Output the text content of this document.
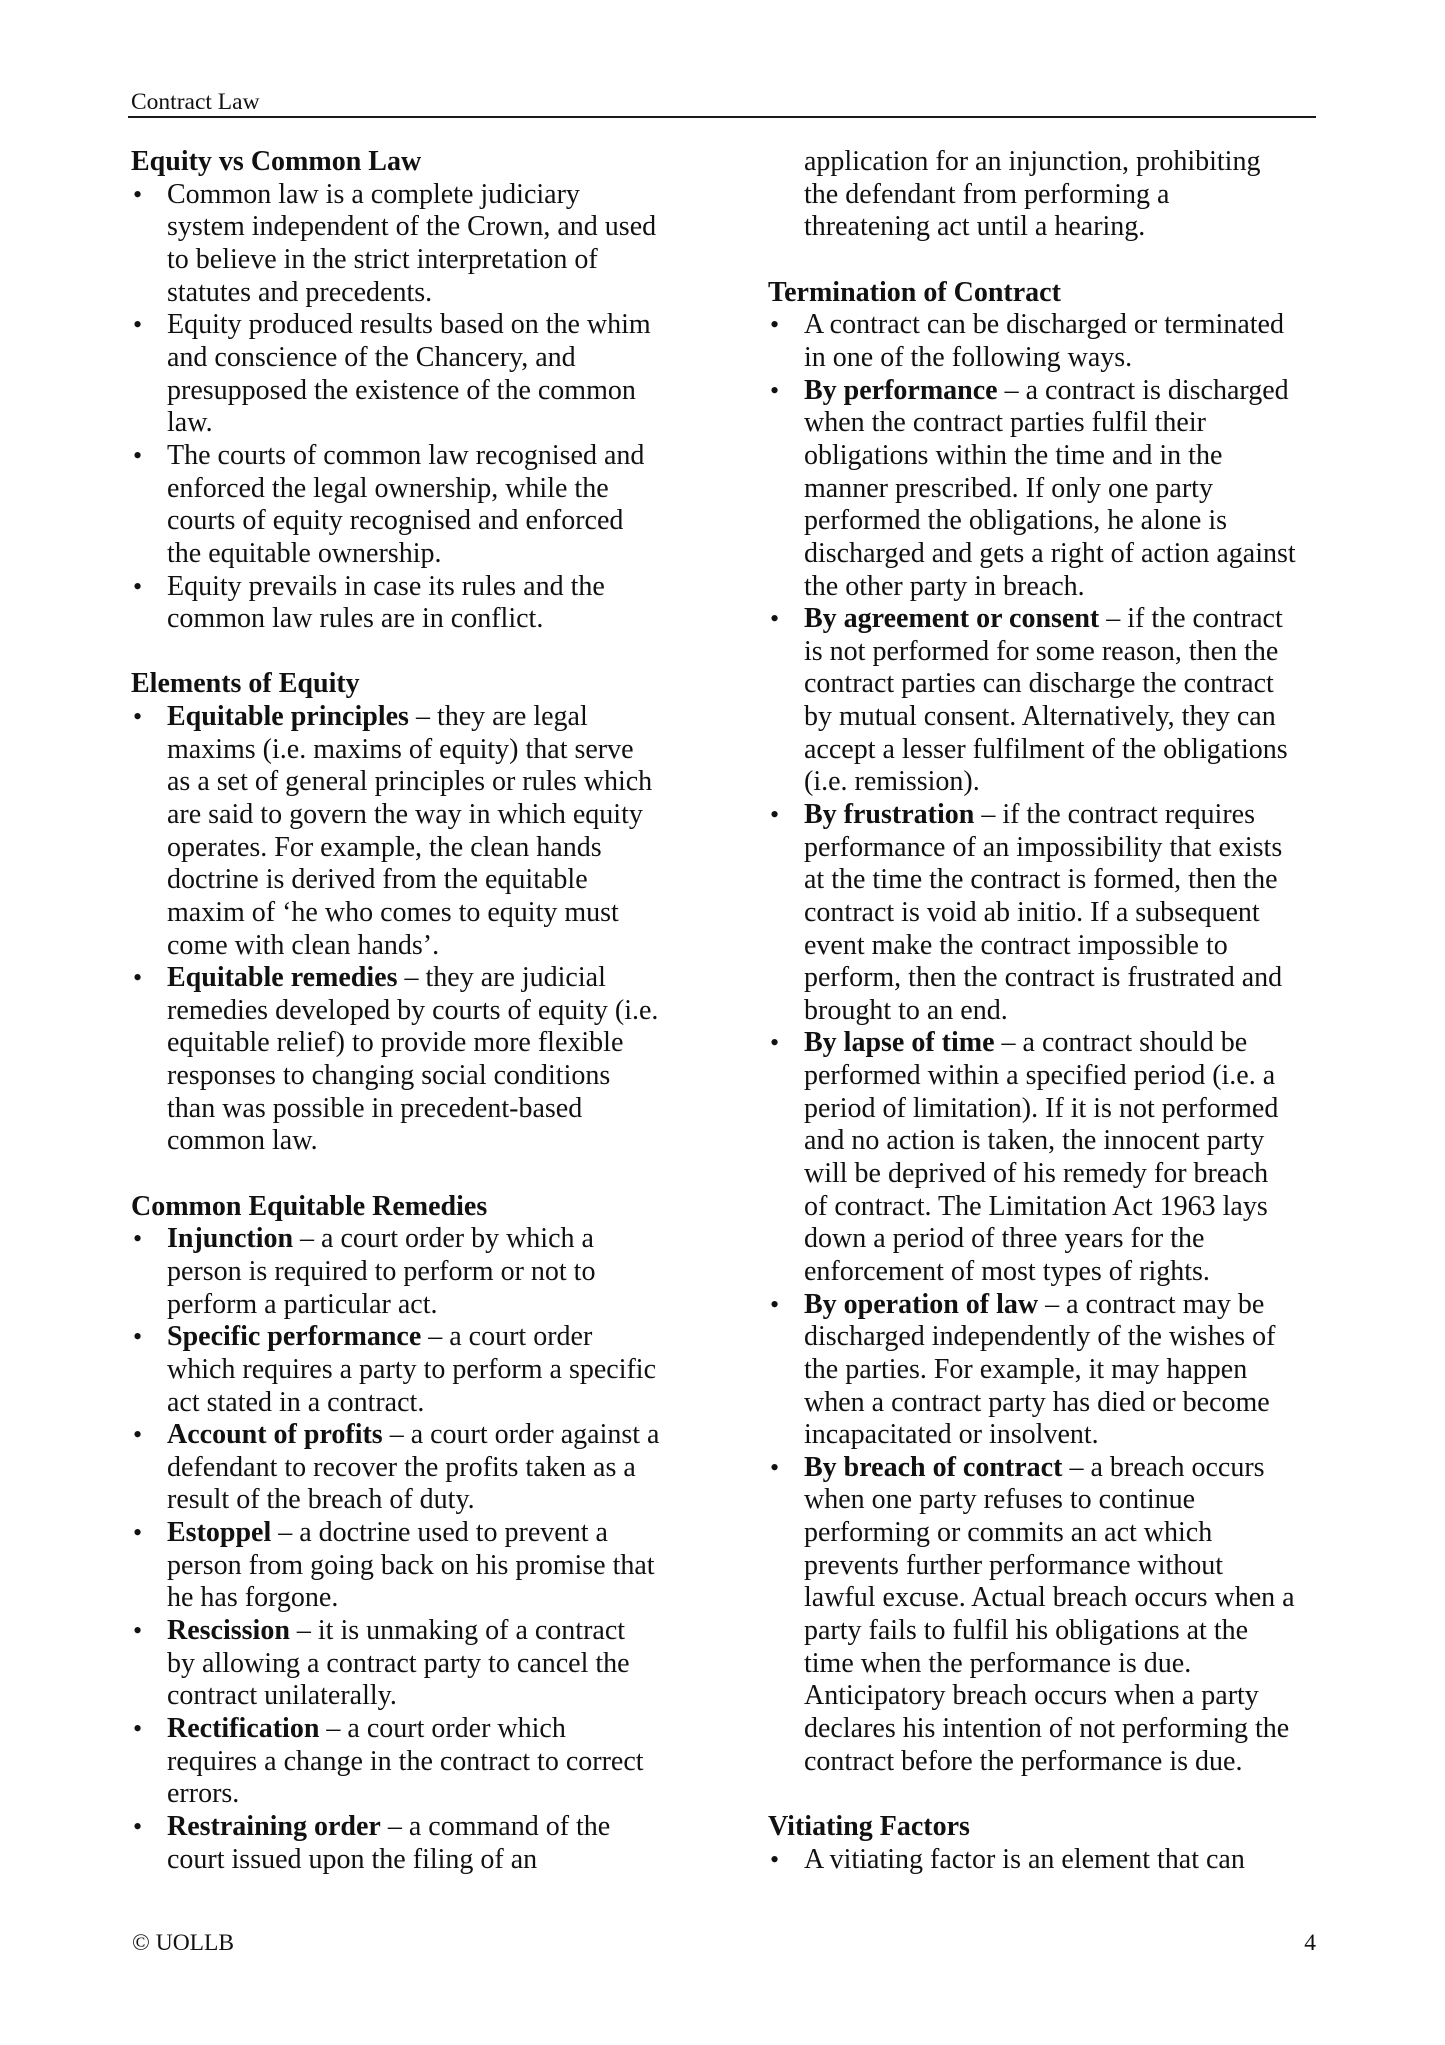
Contract Law
Equity vs Common Law
• Common law is a complete judiciary
system independent of the Crown, and used
to believe in the strict interpretation of
statutes and precedents.
• Equity produced results based on the whim
and conscience of the Chancery, and
presupposed the existence of the common
law.
• The courts of common law recognised and
enforced the legal ownership, while the
courts of equity recognised and enforced
the equitable ownership.
• Equity prevails in case its rules and the
common law rules are in conflict.
Elements of Equity
• Equitable principles – they are legal
maxims (i.e. maxims of equity) that serve
as a set of general principles or rules which
are said to govern the way in which equity
operates. For example, the clean hands
doctrine is derived from the equitable
maxim of ‘he who comes to equity must
come with clean hands’.
• Equitable remedies – they are judicial
remedies developed by courts of equity (i.e.
equitable relief) to provide more flexible
responses to changing social conditions
than was possible in precedent-based
common law.
Common Equitable Remedies
• Injunction – a court order by which a
person is required to perform or not to
perform a particular act.
• Specific performance – a court order
which requires a party to perform a specific
act stated in a contract.
• Account of profits – a court order against a
defendant to recover the profits taken as a
result of the breach of duty.
• Estoppel – a doctrine used to prevent a
person from going back on his promise that
he has forgone.
• Rescission – it is unmaking of a contract
by allowing a contract party to cancel the
contract unilaterally.
• Rectification – a court order which
requires a change in the contract to correct
errors.
• Restraining order – a command of the
court issued upon the filing of an
application for an injunction, prohibiting
the defendant from performing a
threatening act until a hearing.
Termination of Contract
• A contract can be discharged or terminated
in one of the following ways.
• By performance – a contract is discharged
when the contract parties fulfil their
obligations within the time and in the
manner prescribed. If only one party
performed the obligations, he alone is
discharged and gets a right of action against
the other party in breach.
• By agreement or consent – if the contract
is not performed for some reason, then the
contract parties can discharge the contract
by mutual consent. Alternatively, they can
accept a lesser fulfilment of the obligations
(i.e. remission).
• By frustration – if the contract requires
performance of an impossibility that exists
at the time the contract is formed, then the
contract is void ab initio. If a subsequent
event make the contract impossible to
perform, then the contract is frustrated and
brought to an end.
• By lapse of time – a contract should be
performed within a specified period (i.e. a
period of limitation). If it is not performed
and no action is taken, the innocent party
will be deprived of his remedy for breach
of contract. The Limitation Act 1963 lays
down a period of three years for the
enforcement of most types of rights.
• By operation of law – a contract may be
discharged independently of the wishes of
the parties. For example, it may happen
when a contract party has died or become
incapacitated or insolvent.
• By breach of contract – a breach occurs
when one party refuses to continue
performing or commits an act which
prevents further performance without
lawful excuse. Actual breach occurs when a
party fails to fulfil his obligations at the
time when the performance is due.
Anticipatory breach occurs when a party
declares his intention of not performing the
contract before the performance is due.
Vitiating Factors
• A vitiating factor is an element that can
© UOLLB	4
